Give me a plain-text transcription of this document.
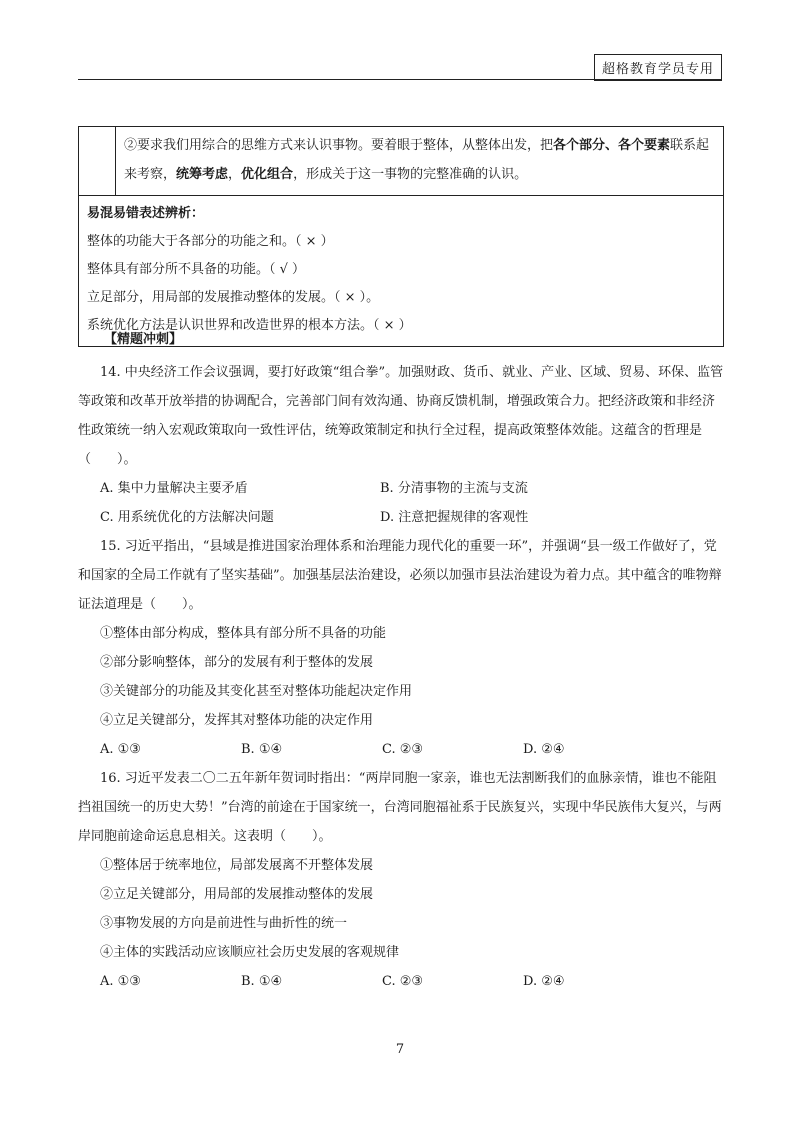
超格教育学员专用
②要求我们用综合的思维方式来认识事物。要着眼于整体，从整体出发，把各个部分、各个要素联系起来考察，统筹考虑，优化组合，形成关于这一事物的完整准确的认识。
易混易错表述辨析：
整体的功能大于各部分的功能之和。（ × ）
整体具有部分所不具备的功能。（ √ ）
立足部分，用局部的发展推动整体的发展。（ × ）。
系统优化方法是认识世界和改造世界的根本方法。（ × ）
【精题冲刺】

14. 中央经济工作会议强调，要打好政策“组合拳”。加强财政、货币、就业、产业、区域、贸易、环保、监管等政策和改革开放举措的协调配合，完善部门间有效沟通、协商反馈机制，增强政策合力。把经济政策和非经济性政策统一纳入宏观政策取向一致性评估，统筹政策制定和执行全过程，提高政策整体效能。这蕴含的哲理是（　　）。

A. 集中力量解决主要矛盾	B. 分清事物的主流与支流
C. 用系统优化的方法解决问题	D. 注意把握规律的客观性

15. 习近平指出，“县域是推进国家治理体系和治理能力现代化的重要一环”，并强调“县一级工作做好了，党和国家的全局工作就有了坚实基础”。加强基层法治建设，必须以加强市县法治建设为着力点。其中蕴含的唯物辩证法道理是（　　）。

①整体由部分构成，整体具有部分所不具备的功能

②部分影响整体，部分的发展有利于整体的发展

③关键部分的功能及其变化甚至对整体功能起决定作用

④立足关键部分，发挥其对整体功能的决定作用

A. ①③	B. ①④	C. ②③	D. ②④

16. 习近平发表二〇二五年新年贺词时指出：“两岸同胞一家亲，谁也无法割断我们的血脉亲情，谁也不能阻挡祖国统一的历史大势！”台湾的前途在于国家统一，台湾同胞福祉系于民族复兴，实现中华民族伟大复兴，与两岸同胞前途命运息息相关。这表明（　　）。

①整体居于统率地位，局部发展离不开整体发展

②立足关键部分，用局部的发展推动整体的发展

③事物发展的方向是前进性与曲折性的统一

④主体的实践活动应该顺应社会历史发展的客观规律

A. ①③	B. ①④	C. ②③	D. ②④
7
